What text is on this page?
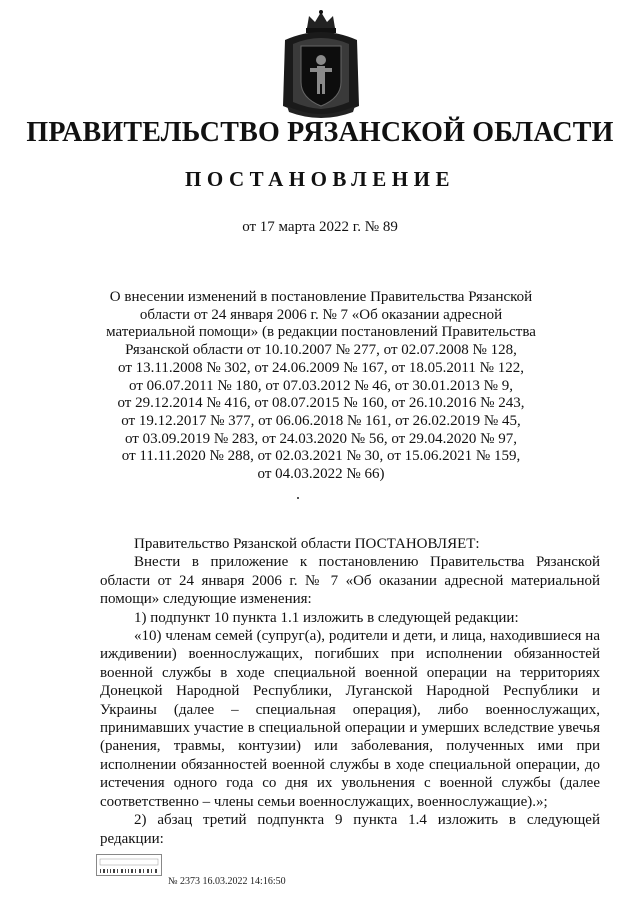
ПРАВИТЕЛЬСТВО РЯЗАНСКОЙ ОБЛАСТИ
ПОСТАНОВЛЕНИЕ
от 17 марта 2022 г. № 89
О внесении изменений в постановление Правительства Рязанской
области от 24 января 2006 г. № 7 «Об оказании адресной
материальной помощи» (в редакции постановлений Правительства
Рязанской области от 10.10.2007 № 277, от 02.07.2008 № 128,
от 13.11.2008 № 302, от 24.06.2009 № 167, от 18.05.2011 № 122,
от 06.07.2011 № 180, от 07.03.2012 № 46, от 30.01.2013 № 9,
от 29.12.2014 № 416, от 08.07.2015 № 160, от 26.10.2016 № 243,
от 19.12.2017 № 377, от 06.06.2018 № 161, от 26.02.2019 № 45,
от 03.09.2019 № 283, от 24.03.2020 № 56, от 29.04.2020 № 97,
от 11.11.2020 № 288, от 02.03.2021 № 30, от 15.06.2021 № 159,
от 04.03.2022 № 66)

Правительство Рязанской области ПОСТАНОВЛЯЕТ:

Внести в приложение к постановлению Правительства Рязанской области от 24 января 2006 г. № 7 «Об оказании адресной материальной помощи» следующие изменения:

1) подпункт 10 пункта 1.1 изложить в следующей редакции:

«10) членам семей (супруг(а), родители и дети, и лица, находившиеся на иждивении) военнослужащих, погибших при исполнении обязанностей военной службы в ходе специальной военной операции на территориях Донецкой Народной Республики, Луганской Народной Республики и Украины (далее – специальная операция), либо военнослужащих, принимавших участие в специальной операции и умерших вследствие увечья (ранения, травмы, контузии) или заболевания, полученных ими при исполнении обязанностей военной службы в ходе специальной операции, до истечения одного года со дня их увольнения с военной службы (далее соответственно – члены семьи военнослужащих, военнослужащие).»;

2) абзац третий подпункта 9 пункта 1.4 изложить в следующей редакции:

№ 2373 16.03.2022 14:16:50
